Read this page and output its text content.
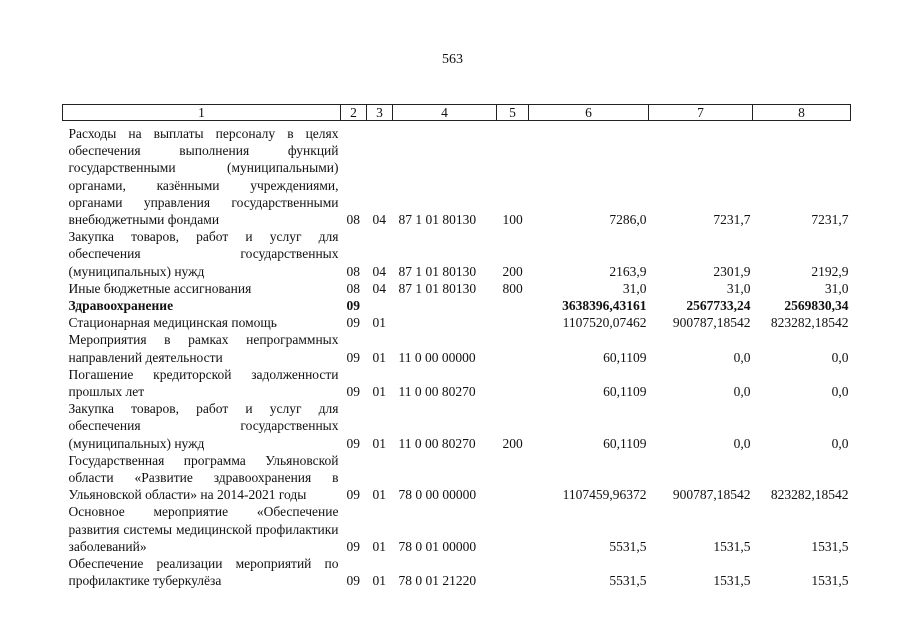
563
1	2	3	4	5	6	7	8
Расходы на выплаты персоналу в целях обеспечения выполнения функций государственными (муниципальными) органами, казёнными учреждениями, органами управления государственными внебюджетными фондами	08	04	87 1 01 80130	100	7286,0	7231,7	7231,7
Закупка товаров, работ и услуг для обеспечения государственных (муниципальных) нужд	08	04	87 1 01 80130	200	2163,9	2301,9	2192,9
Иные бюджетные ассигнования	08	04	87 1 01 80130	800	31,0	31,0	31,0
Здравоохранение	09				3638396,43161	2567733,24	2569830,34
Стационарная медицинская помощь	09	01			1107520,07462	900787,18542	823282,18542
Мероприятия в рамках непрограммных направлений деятельности	09	01	11 0 00 00000		60,1109	0,0	0,0
Погашение кредиторской задолженности прошлых лет	09	01	11 0 00 80270		60,1109	0,0	0,0
Закупка товаров, работ и услуг для обеспечения государственных (муниципальных) нужд	09	01	11 0 00 80270	200	60,1109	0,0	0,0
Государственная программа Ульяновской области «Развитие здравоохранения в Ульяновской области» на 2014-2021 годы	09	01	78 0 00 00000		1107459,96372	900787,18542	823282,18542
Основное мероприятие «Обеспечение развития системы медицинской профилактики заболеваний»	09	01	78 0 01 00000		5531,5	1531,5	1531,5
Обеспечение реализации мероприятий по профилактике туберкулёза	09	01	78 0 01 21220		5531,5	1531,5	1531,5
